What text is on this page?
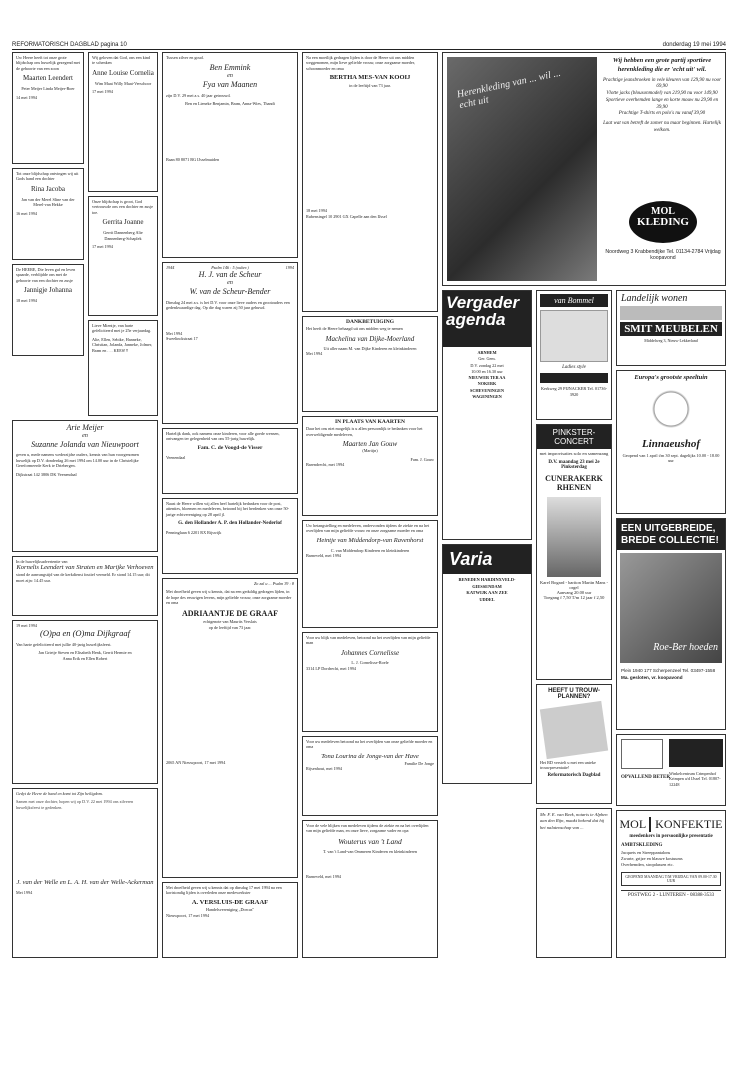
REFORMATORISCH DAGBLAD pagina 10	donderdag 19 mei 1994
Uw Heere heeft tot onze grote blijdschap ons huwelijk gezegend met de geboorte van een zoon
Maarten Leendert
Peter Meijer Linda Meijer-Boer
14 mei 1994
Tot onze blijdschap ontvingen wij uit Gods hand een dochter
Rina Jacoba
Jan van der Merel Sline van der Merel-van Hekke
16 mei 1994
De HEERE, Die leven gaf en leven spaarde, verblijdde ons met de geboorte van een dochter en zusje
Jannigje Johanna
18 mei 1994
Wij geloven dat God, ons een kind te schenken
Anne Louise Cornelia
Wim Maat Willy Maat-Verschoor
17 mei 1994
Onze blijdschap is groot, God vertrouwde ons een dochter en zusje toe.
Gerrita Joanne
Gerrit Dannenberg Alie Dannenberg-Schaplek
17 mei 1994
Lieve Mientje, van harte gefeliciteerd met je 25e verjaardag.
Alie, Ellen, Sebike, Hanneke, Christian, Jolanda, Janneke, Jolmer, Bram en . . . KEES!!!
Arie Meijer
en
Suzanne Jolanda van Nieuwpoort
geven u, mede namens wederzijdse ouders, kennis van hun voorgenomen huwelijk op D.V. donderdag 26 mei 1994 om 14.00 uur in de Christelijke Gereformeerde Kerk te Driebergen.
Dijkstraat 142 3806 DK Veenendaal
In de huwelijksadvertentie van
Kornelis Leendert van Straten en Marijke Verhoeven
stond de aanvangstijd van de kerkdienst foutief vermeld. Er stond 14.15 uur; dit moet zijn: 14.45 uur.
19 mei 1994
(O)pa en (O)ma Dijkgraaf
Van harte gefeliciteerd met jullie 40-jarig huwelijksfeest.
Jan Grietje Steven en Elisabeth Henk, Gerrit Hermie en Anna Erik en Ellen Robert
Gedyt de Heere de hand en komt tot Zijn heiligdom.
Samen met onze dochter, hopen wij op D.V. 22 mei 1994 ons zilveren huwelijksfeest te gedenken.
J. van der Welle en L. A. H. van der Welle-Ackerman
Mei 1994
Tussen zilver en goud.
Ben Emmink
en
Fya van Maanen
zijn D.V. 29 mei a.s. 40 jaar getrouwd.
Ben en Lieneke Benjamin, Bram, Anna-Wies, Thandi
Baan 80 8071 BG IJsselmuiden
1944	Psalm 146 : 5 (ouber.)	1994
H. J. van de Scheur
en
W. van de Scheur-Bender
Dinsdag 24 mei a.s. is het D.V. voor onze lieve ouders en grootouders een gedenkwaardige dag. Op die dag waren zij 50 jaar gehuwd.
Mei 1994
Sweelinckstraat 17
Hartelijk dank, ook namens onze kinderen, voor alle goede wensen, ontvangen ter gelegenheid van ons 55-jarig huwelijk.
Fam. C. de Voogd-de Visser
Veenendaal
Naast de Heere willen wij allen heel hartelijk bedanken voor de post, attenties, bloemen en medeleven, betoond bij het herdenken van onze 50-jarige echtvereniging op 28 april jl.
G. den Hollander A. P. den Hollander-Nederlof
Penninglaan 6 2201 RX Rijswijk
Zo zal u ... Psalm 39 : 8
Met droefheid geven wij u kennis, dat na een geduldig gedragen lijden, in de hope des eeuwigen levens, mijn geliefde vrouw, onze zorgzame moeder en oma
ADRIAANTJE DE GRAAF
echtgenote van Maurits Verslais
op de leeftijd van 73 jaar.
2065 AN Nieuwpoort, 17 mei 1994
Met droefheid geven wij u kennis dat op dinsdag 17 mei 1994 na een kortstondig lijden is overleden onze medewerkster
A. VERSLUIS-DE GRAAF
Handelsvereniging „Dorcas"
Nieuwpoort, 17 mei 1994
Na een moeilijk gedragen lijden is door de Heere uit ons midden weggenomen, mijn lieve geliefde vrouw, onze zorgzame moeder, schoonmoeder en oma
BERTHA MES-VAN KOOIJ
in de leeftijd van 73 jaar.
18 mei 1994
Rubensingel 10 2901 GX Capelle aan den IJssel
DANKBETUIGING
Het heeft de Heere behaagd uit ons midden weg te nemen
Machelina van Dijke-Moerland
Uit aller naam M. van Dijke Kinderen en kleinkinderen
Mei 1994
IN PLAATS VAN KAARTEN
Daar het ons niet mogelijk is u allen persoonlijk te bedanken voor het overweldigende medeleven,
Maarten Jan Gouw
(Martijn)
Fam. J. Gouw
Barendrecht, mei 1994
Uw betangstelling en medeleven, ondervonden tijdens de ziekte en na het overlijden van mijn geliefde vrouw en onze zorgzame moeder en oma
Heintje van Middendorp-van Ravenhorst
C. van Middendorp Kinderen en kleinkinderen
Barneveld, mei 1994
Voor uw blijk van medeleven, betoond na het overlijden van mijn geliefde man
Johannes Cornelisse
L. J. Cornelisse-Roele
3314 LP Dordrecht, mei 1994
Voor uw medeleven betoond na het overlijden van onze geliefde moeder en oma
Tona Lourina de Jonge-van der Have
Familie De Jonge
Rijsenhout, mei 1994
Voor de vele blijken van medeleven tijdens de ziekte en na het overlijden van mijn geliefde man, en onze lieve, zorgzame vader en opa
Wouterus van 't Land
T. van 't Land-van Ommeren Kinderen en kleinkinderen
Barneveld, mei 1994
Herenkleding van ... wil ... echt uit
Wij hebben een grote partij sportieve herenkleding die er 'echt uit' wil.
Prachtige jeansbroeken in vele kleuren van 129,90 nu voor 69,90
Vlotte jacks (blousonmodel) van 219,90 nu voor 149,90
Sportieve overhemden lange en korte mouw nu 29,90 en 39,90
Prachtige T-shirts en polo's nu vanaf 39,90
Laat wat van betreft de zomer nu maar beginnen. Hartelijk welkom.
MOL
KLEDING
Noordweg 3 Krabbendijke Tel. 01134-2784 Vrijdag koopavond
Vergader agenda
ARNHEM
Ger. Gem.
D.V. zondag 22 mei
10.00 en 16.30 uur
NIEUWER TER AA
NOKERK
SCHEVENINGEN
WAGENINGEN
van Bommel
Ladies style
Kerkweg 29 PIJNACKER Tel. 01736-3920
Landelijk wonen
SMIT MEUBELEN
Middelweg 3, Nieuw-Lekkerland
Europa's grootste speeltuin
Linnaeushof
Geopend van 1 april t/m 30 sept. dagelijks 10.00 - 18.00 uur
PINKSTER-CONCERT
met improvisaties solo en samenzang
D.V. maandag 23 mei 2e Pinksterdag
CUNERAKERK RHENEN
Karel Bogard - bariton Martin Mans - orgel
Aanvang 20.00 uur
Toegang f 7,50 T/m 12 jaar f 2,50
Varia
BENEDEN HARDINXVELD-GIESSENDAM
KATWIJK AAN ZEE
UDDEL
EEN UITGEBREIDE, BREDE COLLECTIE!
Roe-Ber hoeden
Plein 1940 177 Scherpenzeel Tel. 03497-1558
Ma. gesloten, vr. koopavond
HEEFT U TROUW-PLANNEN?
Het RD verstelt u met een unieke trouwpresentatie!
Reformatorisch Dagblad
Mr. F. E. van Beek, notaris te Alphen aan den Rijn, maakt bekend dat hij het nalatenschap van ...
OPVALLEND BETER
Winkelcentrum Crimpenhof Krimpen a/d IJssel Tel. 01807-12248
MOL KONFEKTIE
meedenkers in persoonlijke presentatie
AMBTSKLEDING
Jacquets en Streeppantalons
Zwarte, grijze en blauwe kostuums
Overhemden, stropdassen etc.
GEOPEND MAANDAG T/M VRIJDAG VAN 09.00-17.30 UUR
POSTWEG 2 - LUNTEREN - 08388-3533
